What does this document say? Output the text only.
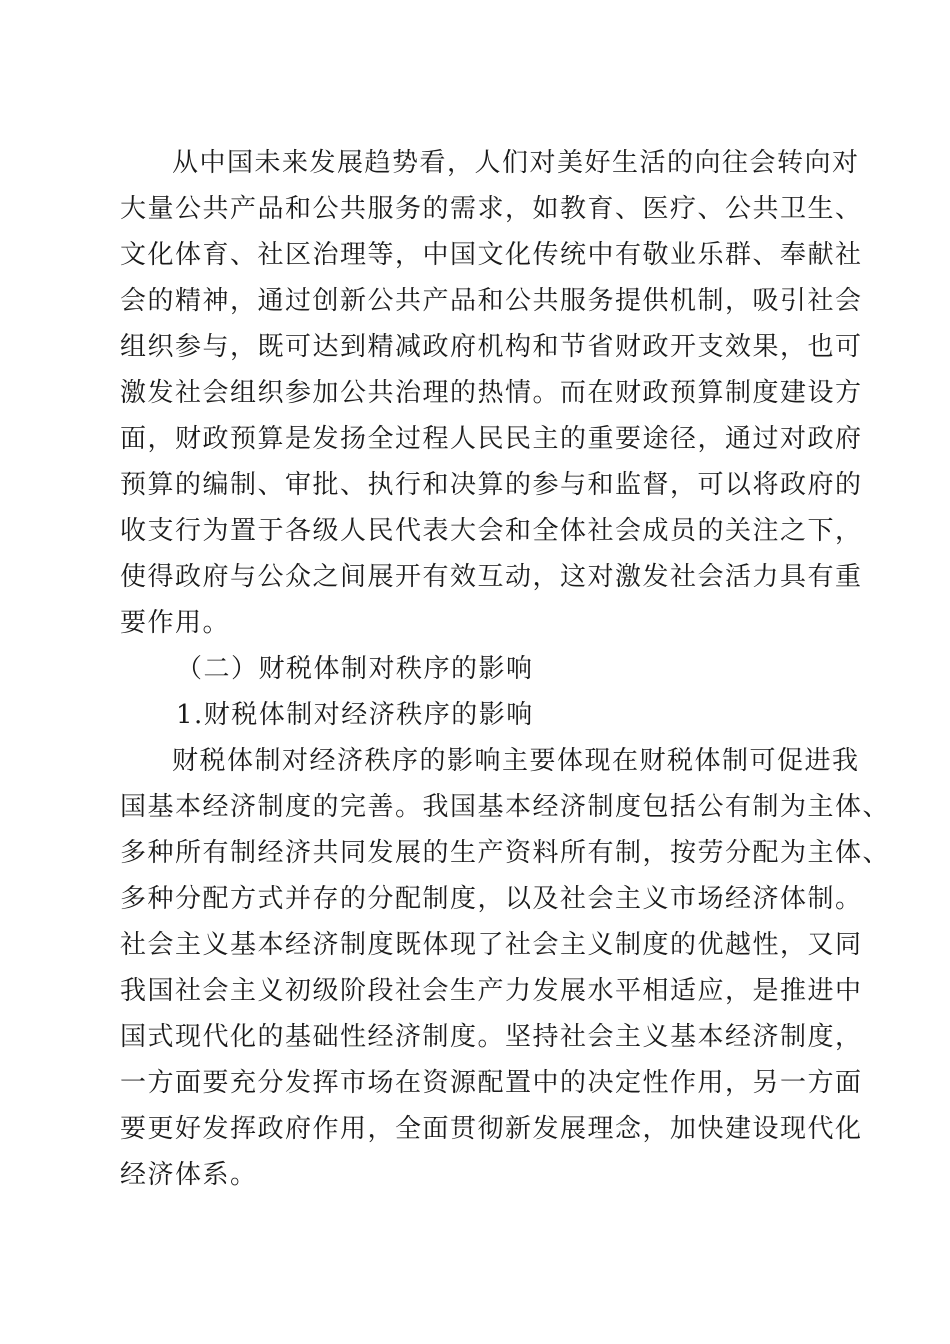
从中国未来发展趋势看，人们对美好生活的向往会转向对
大量公共产品和公共服务的需求，如教育、医疗、公共卫生、
文化体育、社区治理等，中国文化传统中有敬业乐群、奉献社
会的精神，通过创新公共产品和公共服务提供机制，吸引社会
组织参与，既可达到精减政府机构和节省财政开支效果，也可
激发社会组织参加公共治理的热情。而在财政预算制度建设方
面，财政预算是发扬全过程人民民主的重要途径，通过对政府
预算的编制、审批、执行和决算的参与和监督，可以将政府的
收支行为置于各级人民代表大会和全体社会成员的关注之下，
使得政府与公众之间展开有效互动，这对激发社会活力具有重
要作用。
（二）财税体制对秩序的影响
1.财税体制对经济秩序的影响
财税体制对经济秩序的影响主要体现在财税体制可促进我
国基本经济制度的完善。我国基本经济制度包括公有制为主体、
多种所有制经济共同发展的生产资料所有制，按劳分配为主体、
多种分配方式并存的分配制度，以及社会主义市场经济体制。
社会主义基本经济制度既体现了社会主义制度的优越性，又同
我国社会主义初级阶段社会生产力发展水平相适应，是推进中
国式现代化的基础性经济制度。坚持社会主义基本经济制度，
一方面要充分发挥市场在资源配置中的决定性作用，另一方面
要更好发挥政府作用，全面贯彻新发展理念，加快建设现代化
经济体系。
